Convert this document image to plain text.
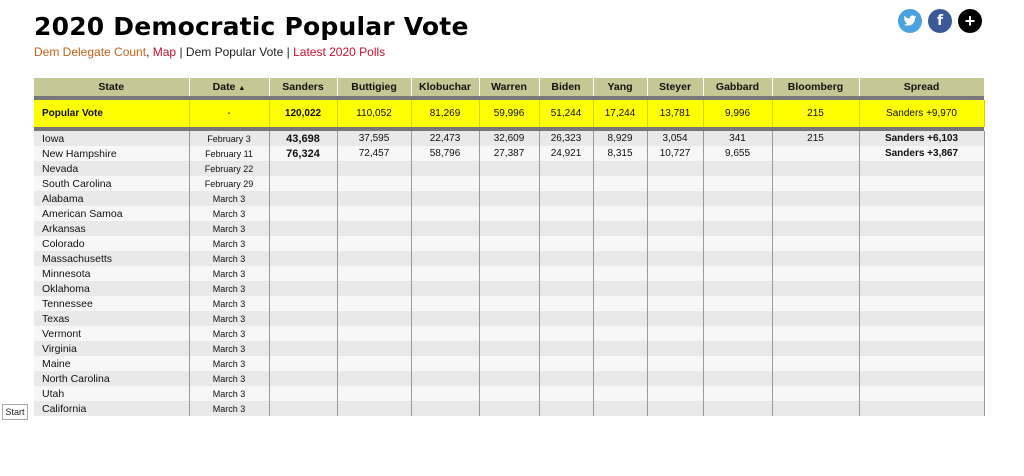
2020 Democratic Popular Vote
Dem Delegate Count, Map | Dem Popular Vote | Latest 2020 Polls
f +
State	Date ▲	Sanders	Buttigieg	Klobuchar	Warren	Biden	Yang	Steyer	Gabbard	Bloomberg	Spread

Popular Vote	-	120,022	110,052	81,269	59,996	51,244	17,244	13,781	9,996	215	Sanders +9,970

Iowa	February 3	43,698	37,595	22,473	32,609	26,323	8,929	3,054	341	215	Sanders +6,103
New Hampshire	February 11	76,324	72,457	58,796	27,387	24,921	8,315	10,727	9,655		Sanders +3,867
Nevada	February 22										
South Carolina	February 29										
Alabama	March 3										
American Samoa	March 3										
Arkansas	March 3										
Colorado	March 3										
Massachusetts	March 3										
Minnesota	March 3										
Oklahoma	March 3										
Tennessee	March 3										
Texas	March 3										
Vermont	March 3										
Virginia	March 3										
Maine	March 3										
North Carolina	March 3										
Utah	March 3										
California	March 3										
Start
